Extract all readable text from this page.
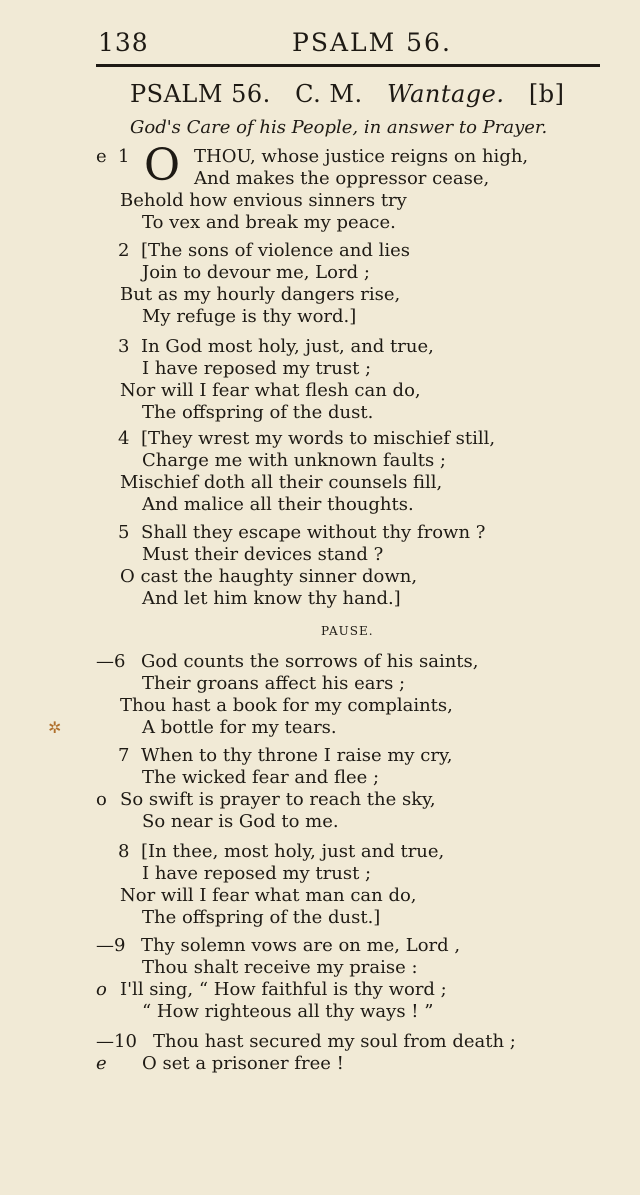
138	PSALM 56.
PSALM 56. C. M. Wantage. [b]
God's Care of his People, in answer to Prayer.
e 1 O THOU, whose justice reigns on high,
And makes the oppressor cease,
Behold how envious sinners try
To vex and break my peace.
2 [The sons of violence and lies
Join to devour me, Lord ;
But as my hourly dangers rise,
My refuge is thy word.]
3 In God most holy, just, and true,
I have reposed my trust ;
Nor will I fear what flesh can do,
The offspring of the dust.
4 [They wrest my words to mischief still,
Charge me with unknown faults ;
Mischief doth all their counsels fill,
And malice all their thoughts.
5 Shall they escape without thy frown ?
Must their devices stand ?
O cast the haughty sinner down,
And let him know thy hand.]
PAUSE.
—6 God counts the sorrows of his saints,
Their groans affect his ears ;
Thou hast a book for my complaints,
A bottle for my tears.
✲
7 When to thy throne I raise my cry,
The wicked fear and flee ;
o So swift is prayer to reach the sky,
So near is God to me.
8 [In thee, most holy, just and true,
I have reposed my trust ;
Nor will I fear what man can do,
The offspring of the dust.]
—9 Thy solemn vows are on me, Lord ,
Thou shalt receive my praise :
o I'll sing, “ How faithful is thy word ;
“ How righteous all thy ways ! ”
—10 Thou hast secured my soul from death ;
e	O set a prisoner free !
